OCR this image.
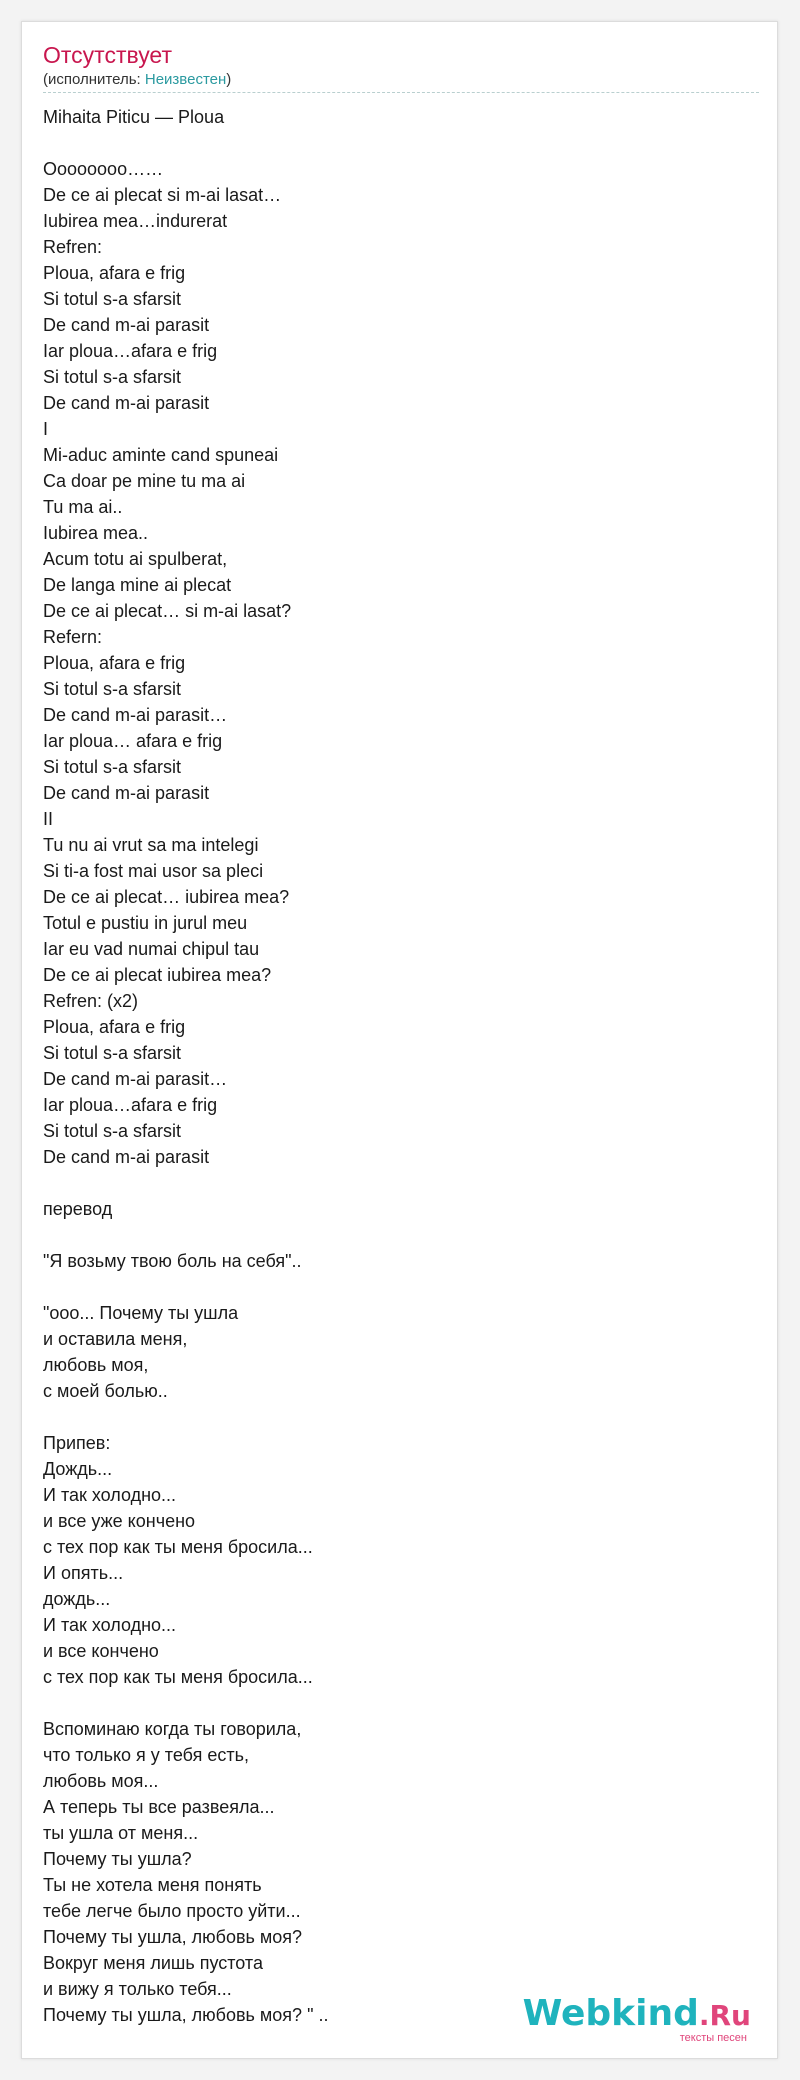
Отсутствует
(исполнитель: Неизвестен)
Mihaita Piticu — Ploua
Oooooooo……
De ce ai plecat si m-ai lasat…
Iubirea mea…indurerat
Refren:
Ploua, afara e frig
Si totul s-a sfarsit
De cand m-ai parasit
Iar ploua…afara e frig
Si totul s-a sfarsit
De cand m-ai parasit
I
Mi-aduc aminte cand spuneai
Ca doar pe mine tu ma ai
Tu ma ai..
Iubirea mea..
Acum totu ai spulberat,
De langa mine ai plecat
De ce ai plecat… si m-ai lasat?
Refern:
Ploua, afara e frig
Si totul s-a sfarsit
De cand m-ai parasit…
Iar ploua… afara e frig
Si totul s-a sfarsit
De cand m-ai parasit
II
Tu nu ai vrut sa ma intelegi
Si ti-a fost mai usor sa pleci
De ce ai plecat… iubirea mea?
Totul e pustiu in jurul meu
Iar eu vad numai chipul tau
De ce ai plecat iubirea mea?
Refren: (x2)
Ploua, afara e frig
Si totul s-a sfarsit
De cand m-ai parasit…
Iar ploua…afara e frig
Si totul s-a sfarsit
De cand m-ai parasit
перевод
"Я возьму твою боль на себя"..
"ооо... Почему ты ушла
и оставила меня,
любовь моя,
с моей болью..
Припев:
Дождь...
И так холодно...
и все уже кончено
с тех пор как ты меня бросила...
И опять...
дождь...
И так холодно...
и все кончено
с тех пор как ты меня бросила...
Вспоминаю когда ты говорила,
что только я у тебя есть,
любовь моя...
А теперь ты все развеяла...
ты ушла от меня...
Почему ты ушла?
Ты не хотела меня понять
тебе легче было просто уйти...
Почему ты ушла, любовь моя?
Вокруг меня лишь пустота
и вижу я только тебя...
Почему ты ушла, любовь моя? " ..	Webkind.Ru
тексты песен
